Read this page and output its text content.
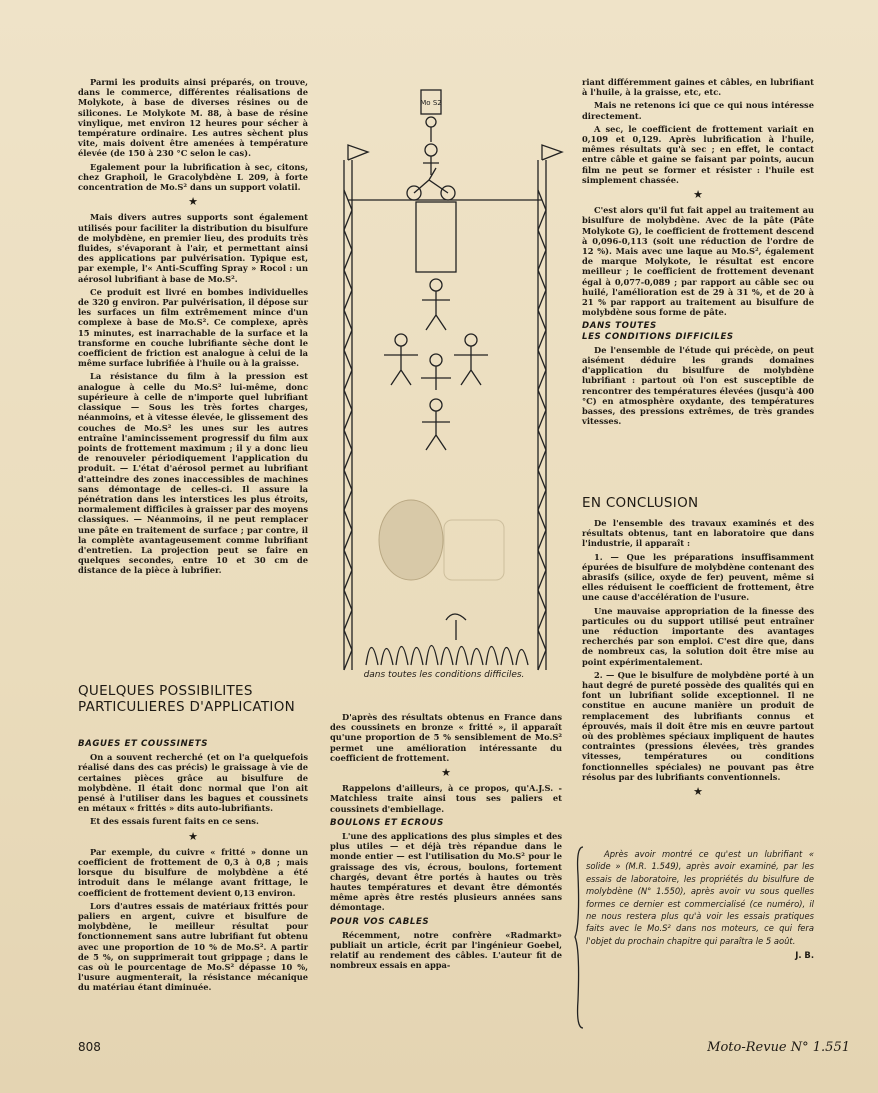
Parmi les produits ainsi préparés, on trouve, dans le commerce, différentes réalisations de Molykote, à base de diverses résines ou de silicones. Le Molykote M. 88, à base de résine vinylique, met environ 12 heures pour sécher à température ordinaire. Les autres sèchent plus vite, mais doivent être amenées à température élevée (de 150 à 230 °C selon le cas).

Egalement pour la lubrification à sec, citons, chez Graphoil, le Gracolybdène L 209, à forte concentration de Mo.S² dans un support volatil.

★

Mais divers autres supports sont également utilisés pour faciliter la distribution du bisulfure de molybdène, en premier lieu, des produits très fluides, s'évaporant à l'air, et permettant ainsi des applications par pulvérisation. Typique est, par exemple, l'« Anti-Scuffing Spray » Rocol : un aérosol lubrifiant à base de Mo.S².

Ce produit est livré en bombes individuelles de 320 g environ. Par pulvérisation, il dépose sur les surfaces un film extrêmement mince d'un complexe à base de Mo.S². Ce complexe, après 15 minutes, est inarrachable de la surface et la transforme en couche lubrifiante sèche dont le coefficient de friction est analogue à celui de la même surface lubrifiée à l'huile ou à la graisse.

La résistance du film à la pression est analogue à celle du Mo.S² lui-même, donc supérieure à celle de n'importe quel lubrifiant classique — Sous les très fortes charges, néanmoins, et à vitesse élevée, le glissement des couches de Mo.S² les unes sur les autres entraîne l'amincissement progressif du film aux points de frottement maximum ; il y a donc lieu de renouveler périodiquement l'application du produit. — L'état d'aérosol permet au lubrifiant d'atteindre des zones inaccessibles de machines sans démontage de celles-ci. Il assure la pénétration dans les interstices les plus étroits, normalement difficiles à graisser par des moyens classiques. — Néanmoins, il ne peut remplacer une pâte en traitement de surface ; par contre, il la complète avantageusement comme lubrifiant d'entretien. La projection peut se faire en quelques secondes, entre 10 et 30 cm de distance de la pièce à lubrifier.

QUELQUES POSSIBILITES
PARTICULIERES D'APPLICATION
BAGUES ET COUSSINETS

On a souvent recherché (et on l'a quelquefois réalisé dans des cas précis) le graissage à vie de certaines pièces grâce au bisulfure de molybdène. Il était donc normal que l'on ait pensé à l'utiliser dans les bagues et coussinets en métaux « frittés » dits auto-lubrifiants.

Et des essais furent faits en ce sens.

★

Par exemple, du cuivre « fritté » donne un coefficient de frottement de 0,3 à 0,8 ; mais lorsque du bisulfure de molybdène a été introduit dans le mélange avant frittage, le coefficient de frottement devient 0,13 environ.

Lors d'autres essais de matériaux frittés pour paliers en argent, cuivre et bisulfure de molybdène, le meilleur résultat pour fonctionnement sans autre lubrifiant fut obtenu avec une proportion de 10 % de Mo.S². A partir de 5 %, on supprimerait tout grippage ; dans le cas où le pourcentage de Mo.S² dépasse 10 %, l'usure augmenterait, la résistance mécanique du matériau étant diminuée.

Mo S2
dans toutes les conditions difficiles.

D'après des résultats obtenus en France dans des coussinets en bronze « fritté », il apparaît qu'une proportion de 5 % sensiblement de Mo.S² permet une amélioration intéressante du coefficient de frottement.

★

Rappelons d'ailleurs, à ce propos, qu'A.J.S. - Matchless traite ainsi tous ses paliers et coussinets d'embiellage.

BOULONS ET ECROUS

L'une des applications des plus simples et des plus utiles — et déjà très répandue dans le monde entier — est l'utilisation du Mo.S² pour le graissage des vis, écrous, boulons, fortement chargés, devant être portés à hautes ou très hautes températures et devant être démontés même après être restés plusieurs années sans démontage.

POUR VOS CABLES

Récemment, notre confrère «Radmarkt» publiait un article, écrit par l'ingénieur Goebel, relatif au rendement des câbles. L'auteur fit de nombreux essais en appa-

riant différemment gaines et câbles, en lubrifiant à l'huile, à la graisse, etc, etc.

Mais ne retenons ici que ce qui nous intéresse directement.

A sec, le coefficient de frottement variait en 0,109 et 0,129. Après lubrification à l'huile, mêmes résultats qu'à sec ; en effet, le contact entre câble et gaine se faisant par points, aucun film ne peut se former et résister : l'huile est simplement chassée.

★

C'est alors qu'il fut fait appel au traitement au bisulfure de molybdène. Avec de la pâte (Pâte Molykote G), le coefficient de frottement descend à 0,096-0,113 (soit une réduction de l'ordre de 12 %). Mais avec une laque au Mo.S², également de marque Molykote, le résultat est encore meilleur ; le coefficient de frottement devenant égal à 0,077-0,089 ; par rapport au câble sec ou huilé, l'amélioration est de 29 à 31 %, et de 20 à 21 % par rapport au traitement au bisulfure de molybdène sous forme de pâte.

DANS TOUTES
LES CONDITIONS DIFFICILES

De l'ensemble de l'étude qui précède, on peut aisément déduire les grands domaines d'application du bisulfure de molybdène lubrifiant : partout où l'on est susceptible de rencontrer des températures élevées (jusqu'à 400 °C) en atmosphère oxydante, des températures basses, des pressions extrêmes, de très grandes vitesses.

EN CONCLUSION

De l'ensemble des travaux examinés et des résultats obtenus, tant en laboratoire que dans l'industrie, il apparaît :

1. — Que les préparations insuffisamment épurées de bisulfure de molybdène contenant des abrasifs (silice, oxyde de fer) peuvent, même si elles réduisent le coefficient de frottement, être une cause d'accélération de l'usure.

Une mauvaise appropriation de la finesse des particules ou du support utilisé peut entraîner une réduction importante des avantages recherchés par son emploi. C'est dire que, dans de nombreux cas, la solution doit être mise au point expérimentalement.

2. — Que le bisulfure de molybdène porté à un haut degré de pureté possède des qualités qui en font un lubrifiant solide exceptionnel. Il ne constitue en aucune manière un produit de remplacement des lubrifiants connus et éprouvés, mais il doit être mis en œuvre partout où des problèmes spéciaux impliquent de hautes contraintes (pressions élevées, très grandes vitesses, températures ou conditions fonctionnelles spéciales) ne pouvant pas être résolus par des lubrifiants conventionnels.

★

Après avoir montré ce qu'est un lubrifiant « solide » (M.R. 1.549), après avoir examiné, par les essais de laboratoire, les propriétés du bisulfure de molybdène (N° 1.550), après avoir vu sous quelles formes ce dernier est commercialisé (ce numéro), il ne nous restera plus qu'à voir les essais pratiques faits avec le Mo.S² dans nos moteurs, ce qui fera l'objet du prochain chapitre qui paraîtra le 5 août.

J. B.
808	Moto-Revue N° 1.551
